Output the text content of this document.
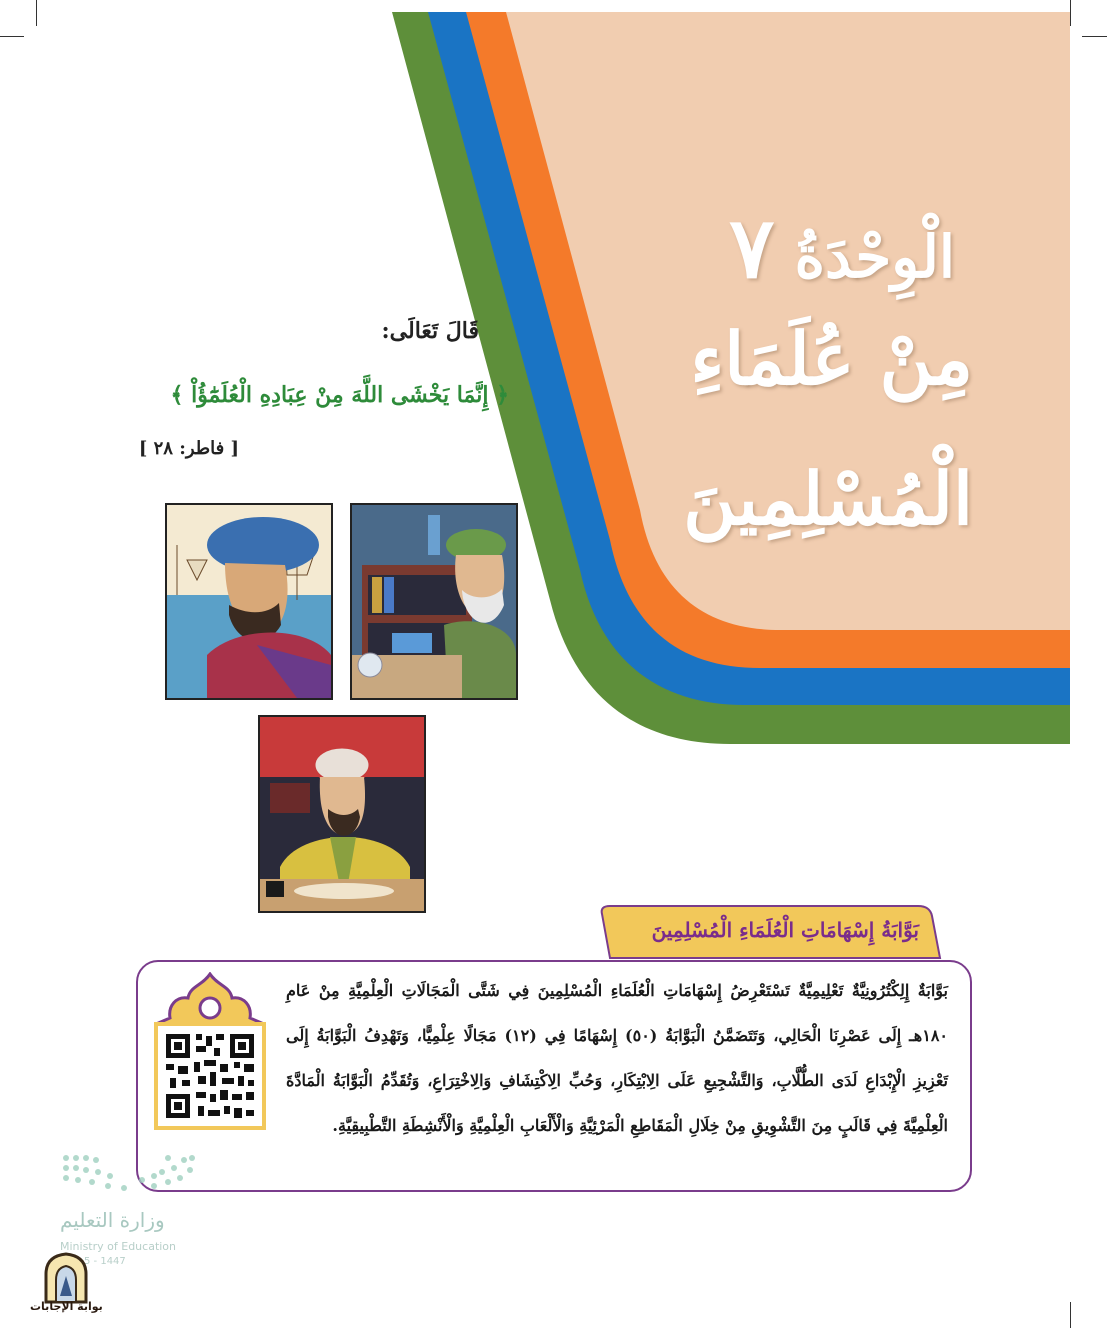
الْوِحْدَةُ ٧
مِنْ عُلَمَاءِ
الْمُسْلِمِينَ
قَالَ تَعَالَى:
﴿ إِنَّمَا يَخْشَى اللَّهَ مِنْ عِبَادِهِ الْعُلَمَٰٓؤُاْ ﴾
[ فاطر: ٢٨ ]
بَوَّابَةُ إِسْهَامَاتِ الْعُلَمَاءِ الْمُسْلِمِينَ
بَوَّابَةٌ إِلِكْتُرُونِيَّةٌ تَعْلِيمِيَّةٌ تَسْتَعْرِضُ إِسْهَامَاتِ الْعُلَمَاءِ الْمُسْلِمِينَ فِي شَتَّى الْمَجَالَاتِ الْعِلْمِيَّةِ مِنْ عَامِ ١٨٠هـ إِلَى عَصْرِنَا الْحَالِي، وَتَتَضَمَّنُ الْبَوَّابَةُ (٥٠) إِسْهَامًا فِي (١٢) مَجَالًا عِلْمِيًّا، وَتَهْدِفُ الْبَوَّابَةُ إِلَى تَعْزِيزِ الْإِبْدَاعِ لَدَى الطُّلَّابِ، وَالتَّشْجِيعِ عَلَى الِابْتِكَارِ، وَحُبِّ الِاكْتِشَافِ وَالِاخْتِرَاعِ، وَتُقَدِّمُ الْبَوَّابَةُ الْمَادَّةَ الْعِلْمِيَّةَ فِي قَالَبٍ مِنَ التَّشْوِيقِ مِنْ خِلَالِ الْمَقَاطِعِ الْمَرْئِيَّةِ وَالْأَلْعَابِ الْعِلْمِيَّةِ وَالْأَنْشِطَةِ التَّطْبِيقِيَّةِ.
وزارة التعليم
Ministry of Education
5 - 1447
بوابة الإجابات
